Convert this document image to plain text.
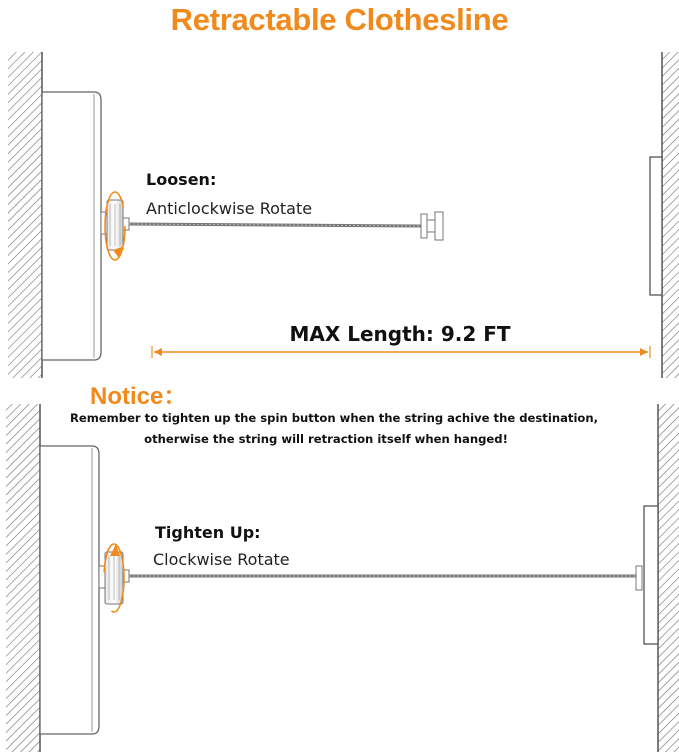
Retractable Clothesline
Loosen:
Anticlockwise Rotate
MAX Length: 9.2 FT
Notice：
Remember to tighten up the spin button when the string achive the destination,
otherwise the string will retraction itself when hanged!
Tighten Up:
Clockwise Rotate
